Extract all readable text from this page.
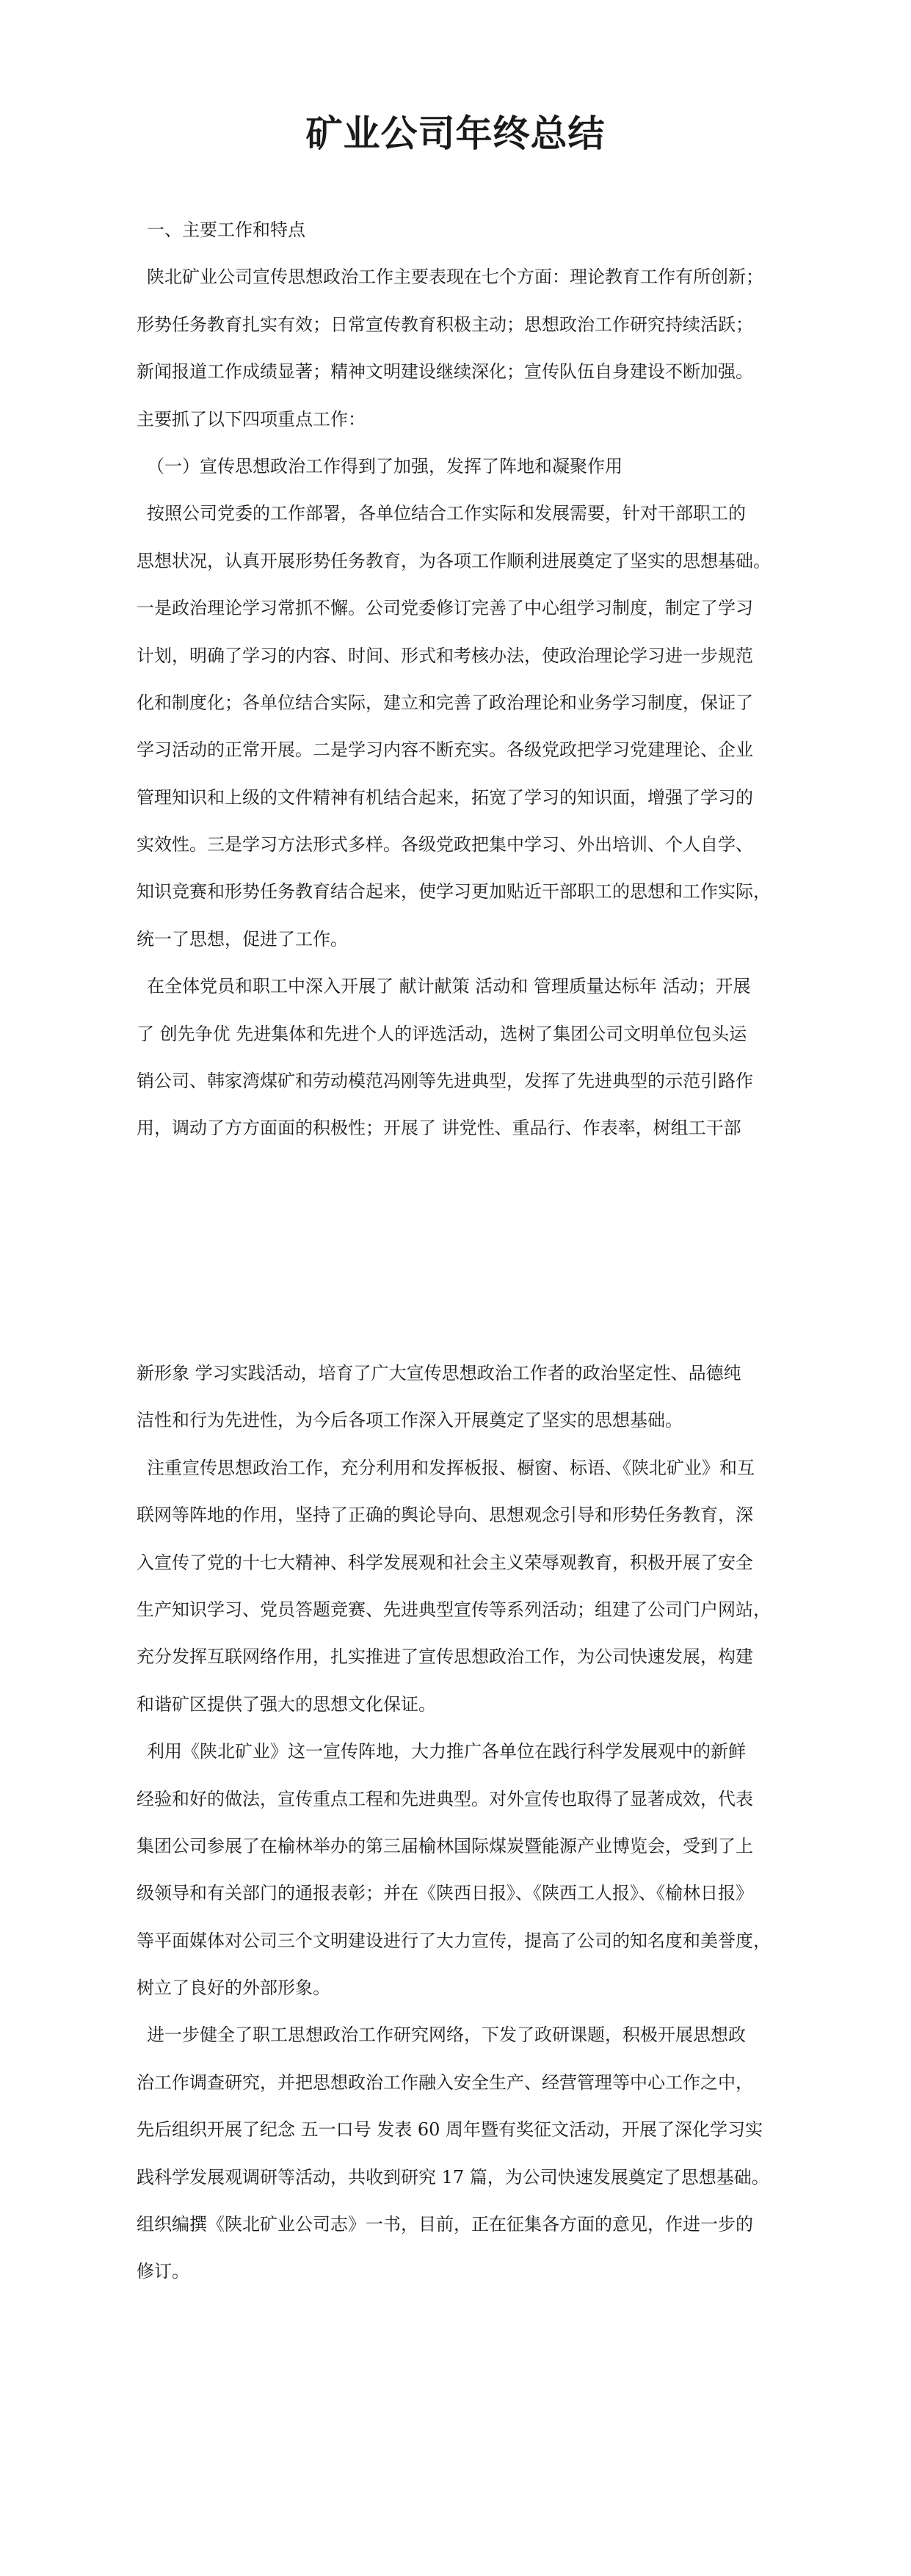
矿业公司年终总结
一、主要工作和特点
陕北矿业公司宣传思想政治工作主要表现在七个方面：理论教育工作有所创新；
形势任务教育扎实有效；日常宣传教育积极主动；思想政治工作研究持续活跃；
新闻报道工作成绩显著；精神文明建设继续深化；宣传队伍自身建设不断加强。
主要抓了以下四项重点工作：
（一）宣传思想政治工作得到了加强，发挥了阵地和凝聚作用
按照公司党委的工作部署，各单位结合工作实际和发展需要，针对干部职工的
思想状况，认真开展形势任务教育，为各项工作顺利进展奠定了坚实的思想基础。
一是政治理论学习常抓不懈。公司党委修订完善了中心组学习制度，制定了学习
计划，明确了学习的内容、时间、形式和考核办法，使政治理论学习进一步规范
化和制度化；各单位结合实际，建立和完善了政治理论和业务学习制度，保证了
学习活动的正常开展。二是学习内容不断充实。各级党政把学习党建理论、企业
管理知识和上级的文件精神有机结合起来，拓宽了学习的知识面，增强了学习的
实效性。三是学习方法形式多样。各级党政把集中学习、外出培训、个人自学、
知识竞赛和形势任务教育结合起来，使学习更加贴近干部职工的思想和工作实际，
统一了思想，促进了工作。
在全体党员和职工中深入开展了 献计献策 活动和 管理质量达标年 活动；开展
了 创先争优 先进集体和先进个人的评选活动，选树了集团公司文明单位包头运
销公司、韩家湾煤矿和劳动模范冯刚等先进典型，发挥了先进典型的示范引路作
用，调动了方方面面的积极性；开展了 讲党性、重品行、作表率，树组工干部
新形象 学习实践活动，培育了广大宣传思想政治工作者的政治坚定性、品德纯
洁性和行为先进性，为今后各项工作深入开展奠定了坚实的思想基础。
注重宣传思想政治工作，充分利用和发挥板报、橱窗、标语、《陕北矿业》和互
联网等阵地的作用，坚持了正确的舆论导向、思想观念引导和形势任务教育，深
入宣传了党的十七大精神、科学发展观和社会主义荣辱观教育，积极开展了安全
生产知识学习、党员答题竞赛、先进典型宣传等系列活动；组建了公司门户网站，
充分发挥互联网络作用，扎实推进了宣传思想政治工作，为公司快速发展，构建
和谐矿区提供了强大的思想文化保证。
利用《陕北矿业》这一宣传阵地，大力推广各单位在践行科学发展观中的新鲜
经验和好的做法，宣传重点工程和先进典型。对外宣传也取得了显著成效，代表
集团公司参展了在榆林举办的第三届榆林国际煤炭暨能源产业博览会，受到了上
级领导和有关部门的通报表彰；并在《陕西日报》、《陕西工人报》、《榆林日报》
等平面媒体对公司三个文明建设进行了大力宣传，提高了公司的知名度和美誉度，
树立了良好的外部形象。
进一步健全了职工思想政治工作研究网络，下发了政研课题，积极开展思想政
治工作调查研究，并把思想政治工作融入安全生产、经营管理等中心工作之中，
先后组织开展了纪念 五一口号 发表 60 周年暨有奖征文活动，开展了深化学习实
践科学发展观调研等活动，共收到研究 17 篇，为公司快速发展奠定了思想基础。
组织编撰《陕北矿业公司志》一书，目前，正在征集各方面的意见，作进一步的
修订。
